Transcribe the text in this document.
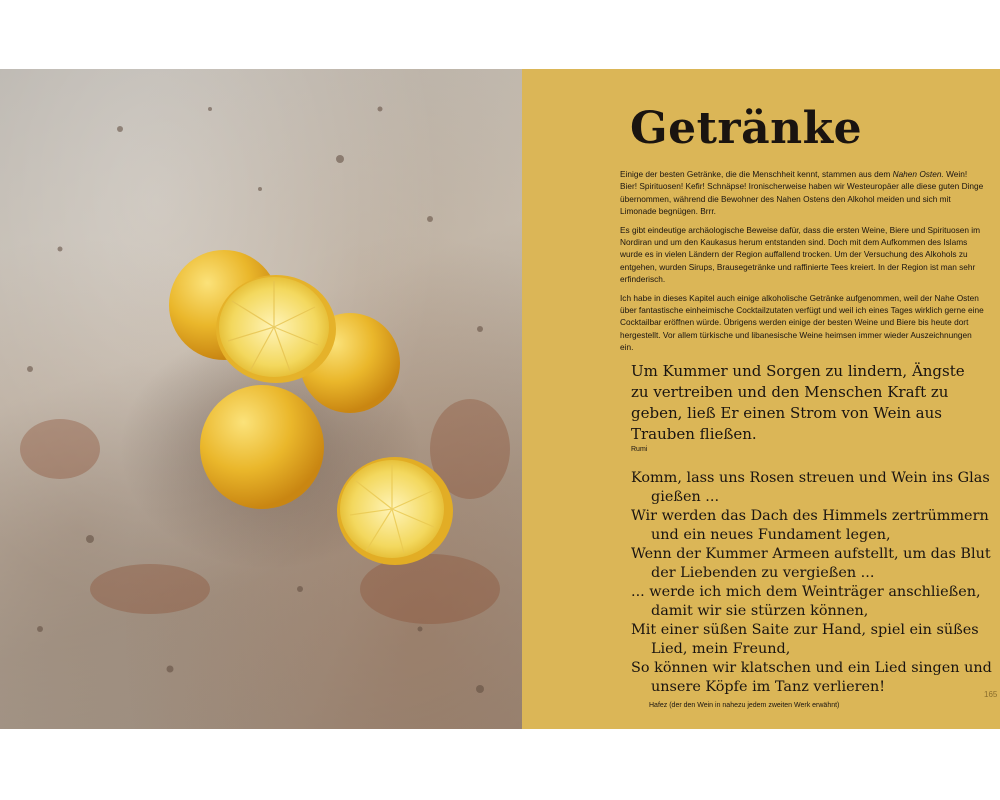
Getränke

Einige der besten Getränke, die die Menschheit kennt, stammen aus dem Nahen Osten. Wein! Bier! Spirituosen! Kefir! Schnäpse! Ironischerweise haben wir Westeuropäer alle diese guten Dinge übernommen, während die Bewohner des Nahen Ostens den Alkohol meiden und sich mit Limonade begnügen. Brrr.

Es gibt eindeutige archäologische Beweise dafür, dass die ersten Weine, Biere und Spirituosen im Nordiran und um den Kaukasus herum entstanden sind. Doch mit dem Aufkommen des Islams wurde es in vielen Ländern der Region auffallend trocken. Um der Versuchung des Alkohols zu entgehen, wurden Sirups, Brausegetränke und raffinierte Tees kreiert. In der Region ist man sehr erfinderisch.

Ich habe in dieses Kapitel auch einige alkoholische Getränke aufgenommen, weil der Nahe Osten über fantastische einheimische Cocktailzutaten verfügt und weil ich eines Tages wirklich gerne eine Cocktailbar eröffnen würde. Übrigens werden einige der besten Weine und Biere bis heute dort hergestellt. Vor allem türkische und libanesische Weine heimsen immer wieder Auszeichnungen ein.

Um Kummer und Sorgen zu lindern, Ängste zu vertreiben und den Menschen Kraft zu geben, ließ Er einen Strom von Wein aus Trauben fließen.

Rumi

Komm, lass uns Rosen streuen und Wein ins Glas gießen ...
Wir werden das Dach des Himmels zertrümmern und ein neues Fundament legen,
Wenn der Kummer Armeen aufstellt, um das Blut der Liebenden zu vergießen ...
... werde ich mich dem Weinträger anschließen, damit wir sie stürzen können,
Mit einer süßen Saite zur Hand, spiel ein süßes Lied, mein Freund,
So können wir klatschen und ein Lied singen und unsere Köpfe im Tanz verlieren!

Hafez (der den Wein in nahezu jedem zweiten Werk erwähnt)

165
